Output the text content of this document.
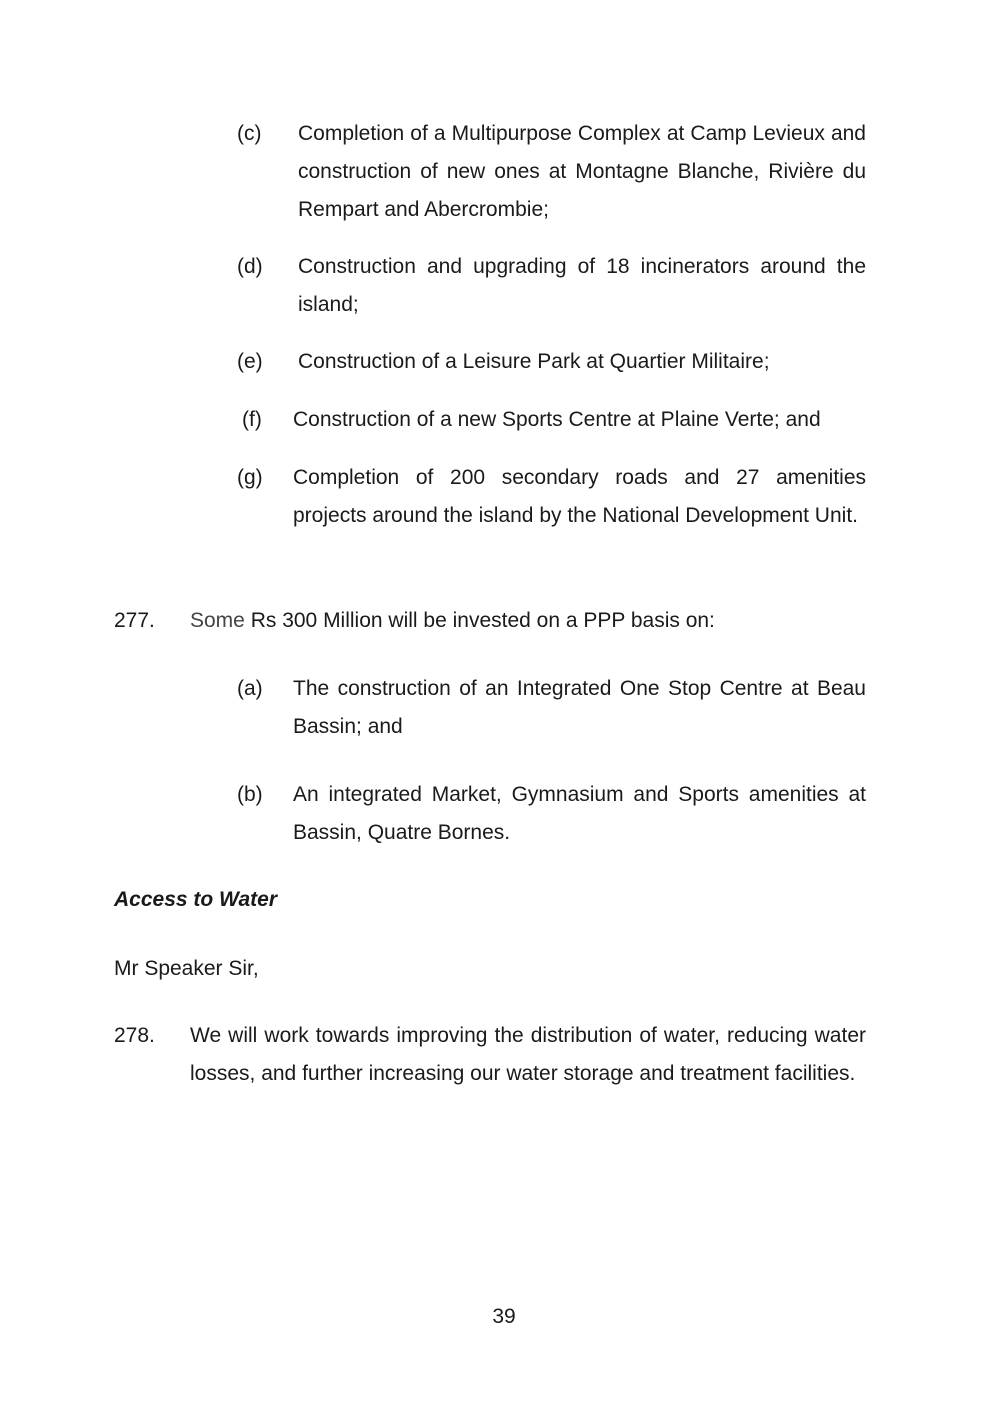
(c) Completion of a Multipurpose Complex at Camp Levieux and construction of new ones at Montagne Blanche, Rivière du Rempart and Abercrombie;
(d) Construction and upgrading of 18 incinerators around the island;
(e) Construction of a Leisure Park at Quartier Militaire;
(f) Construction of a new Sports Centre at Plaine Verte; and
(g) Completion of 200 secondary roads and 27 amenities projects around the island by the National Development Unit.
277. Some Rs 300 Million will be invested on a PPP basis on:
(a) The construction of an Integrated One Stop Centre at Beau Bassin; and
(b) An integrated Market, Gymnasium and Sports amenities at Bassin, Quatre Bornes.
Access to Water
Mr Speaker Sir,
278. We will work towards improving the distribution of water, reducing water losses, and further increasing our water storage and treatment facilities.
39
